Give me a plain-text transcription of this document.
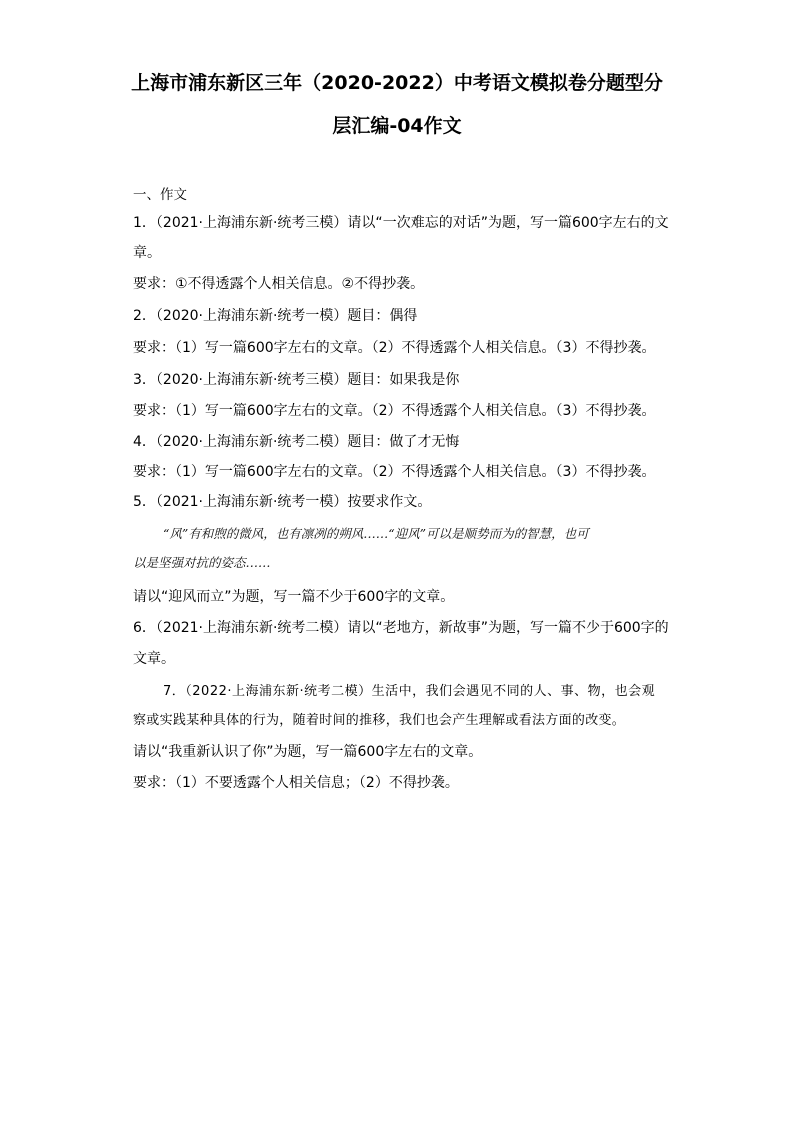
上海市浦东新区三年（2020-2022）中考语文模拟卷分题型分
层汇编-04作文
一、作文
1．（2021·上海浦东新·统考三模）请以“一次难忘的对话”为题，写一篇600字左右的文
章。
要求：①不得透露个人相关信息。②不得抄袭。
2．（2020·上海浦东新·统考一模）题目：偶得
要求：（1）写一篇600字左右的文章。（2）不得透露个人相关信息。（3）不得抄袭。
3．（2020·上海浦东新·统考三模）题目：如果我是你
要求：（1）写一篇600字左右的文章。（2）不得透露个人相关信息。（3）不得抄袭。
4．（2020·上海浦东新·统考二模）题目：做了才无悔
要求：（1）写一篇600字左右的文章。（2）不得透露个人相关信息。（3）不得抄袭。
5．（2021·上海浦东新·统考一模）按要求作文。
“风”有和煦的微风，也有凛冽的朔风……“迎风”可以是顺势而为的智慧，也可
以是坚强对抗的姿态……
请以“迎风而立”为题，写一篇不少于600字的文章。
6．（2021·上海浦东新·统考二模）请以“老地方，新故事”为题，写一篇不少于600字的
文章。
7．（2022·上海浦东新·统考二模）生活中，我们会遇见不同的人、事、物，也会观
察或实践某种具体的行为，随着时间的推移，我们也会产生理解或看法方面的改变。
请以“我重新认识了你”为题，写一篇600字左右的文章。
要求：（1）不要透露个人相关信息；（2）不得抄袭。
